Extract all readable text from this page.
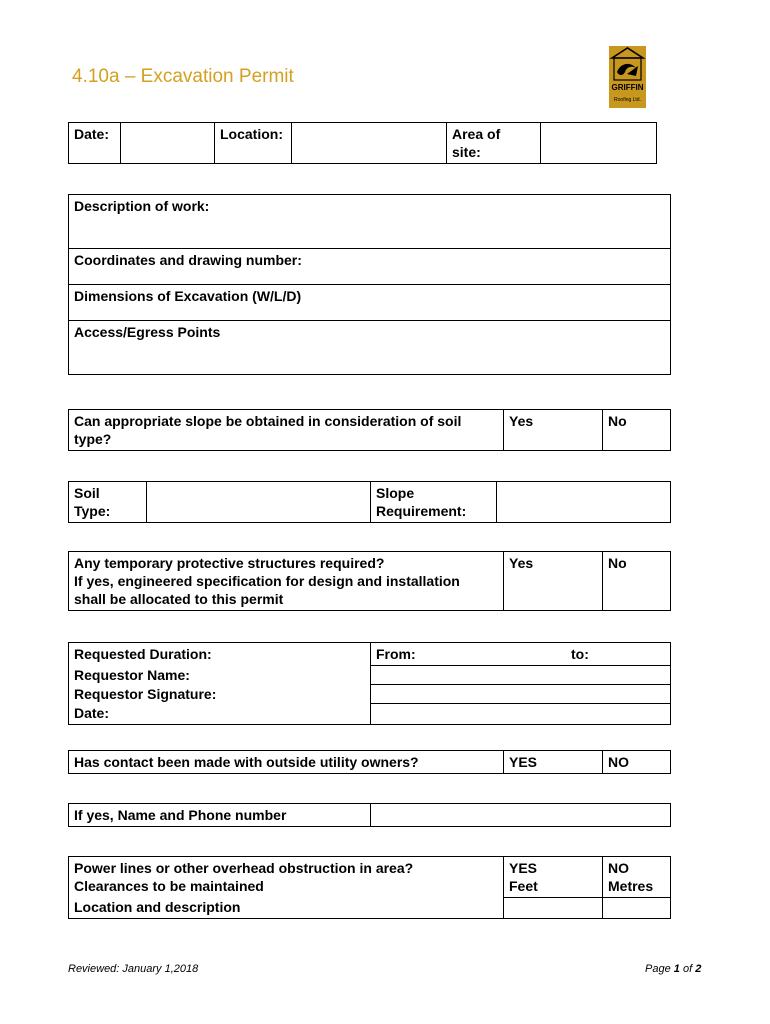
4.10a – Excavation Permit
GRIFFIN
Roofing Ltd.
Date:		Location:		Area of
site:	
Description of work:
Coordinates and drawing number:
Dimensions of Excavation (W/L/D)
Access/Egress Points
Can appropriate slope be obtained in consideration of soil
type?	Yes	No
Soil
Type:		Slope
Requirement:	
Any temporary protective structures required?
If yes, engineered specification for design and installation
shall be allocated to this permit	Yes	No
Requested Duration:	From: to:

Requestor Name:	
Requestor Signature:	
Date:	
Has contact been made with outside utility owners?	YES	NO
If yes, Name and Phone number	
Power lines or other overhead obstruction in area?	YES	NO
Clearances to be maintained	Feet	Metres
Location and description		
Reviewed: January 1,2018	Page 1 of 2
